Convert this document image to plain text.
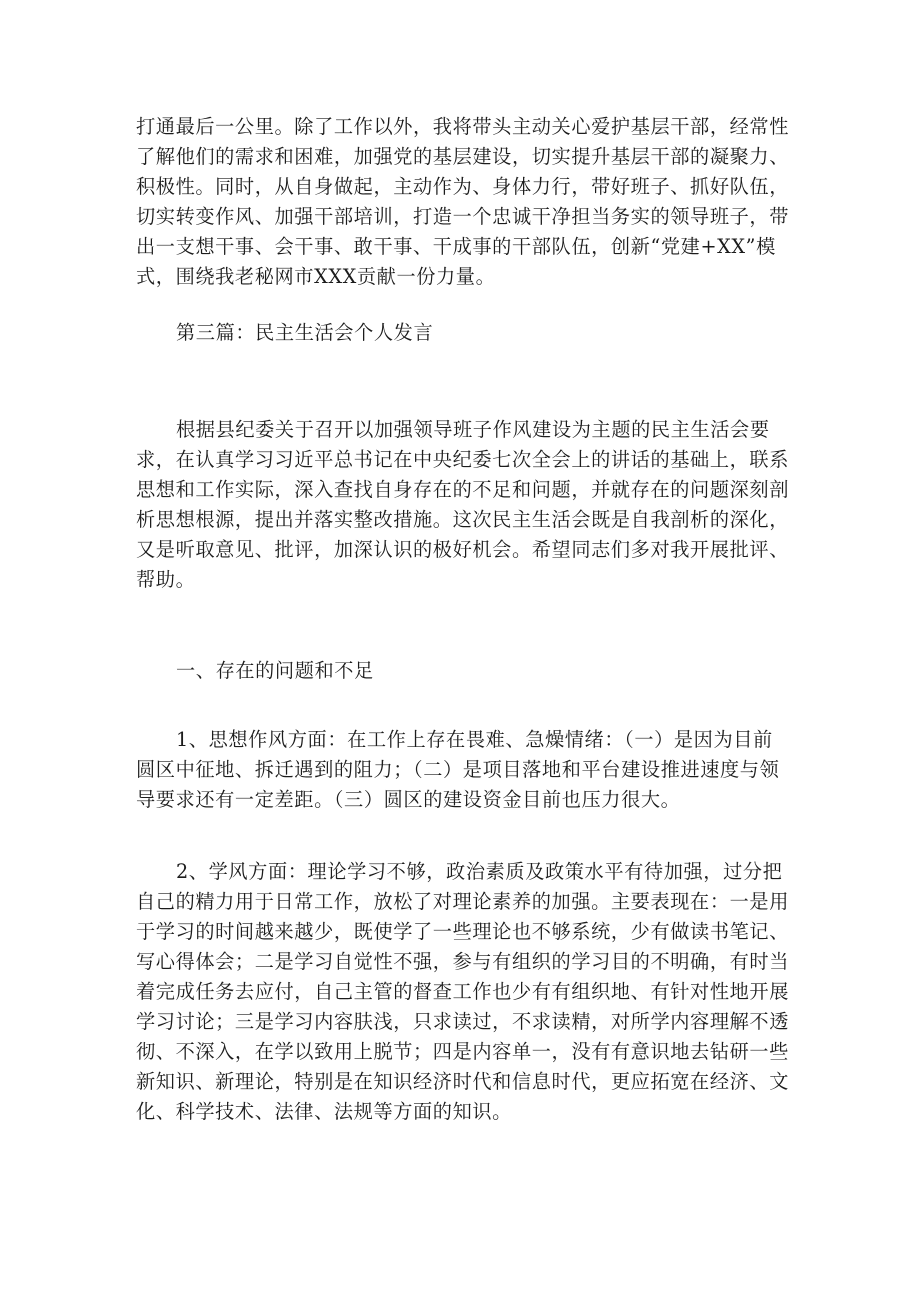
打通最后一公里。除了工作以外，我将带头主动关心爱护基层干部，经常性
了解他们的需求和困难，加强党的基层建设，切实提升基层干部的凝聚力、
积极性。同时，从自身做起，主动作为、身体力行，带好班子、抓好队伍，
切实转变作风、加强干部培训，打造一个忠诚干净担当务实的领导班子，带
出一支想干事、会干事、敢干事、干成事的干部队伍，创新“党建+XX”模
式，围绕我老秘网市XXX贡献一份力量。
第三篇：民主生活会个人发言
根据县纪委关于召开以加强领导班子作风建设为主题的民主生活会要
求，在认真学习习近平总书记在中央纪委七次全会上的讲话的基础上，联系
思想和工作实际，深入查找自身存在的不足和问题，并就存在的问题深刻剖
析思想根源，提出并落实整改措施。这次民主生活会既是自我剖析的深化，
又是听取意见、批评，加深认识的极好机会。希望同志们多对我开展批评、
帮助。
一、存在的问题和不足
1、思想作风方面：在工作上存在畏难、急燥情绪：（一）是因为目前
圆区中征地、拆迁遇到的阻力；（二）是项目落地和平台建设推进速度与领
导要求还有一定差距。（三）圆区的建设资金目前也压力很大。
2、学风方面：理论学习不够，政治素质及政策水平有待加强，过分把
自己的精力用于日常工作，放松了对理论素养的加强。主要表现在：一是用
于学习的时间越来越少，既使学了一些理论也不够系统，少有做读书笔记、
写心得体会；二是学习自觉性不强，参与有组织的学习目的不明确，有时当
着完成任务去应付，自己主管的督查工作也少有有组织地、有针对性地开展
学习讨论；三是学习内容肤浅，只求读过，不求读精，对所学内容理解不透
彻、不深入，在学以致用上脱节；四是内容单一，没有有意识地去钻研一些
新知识、新理论，特别是在知识经济时代和信息时代，更应拓宽在经济、文
化、科学技术、法律、法规等方面的知识。
